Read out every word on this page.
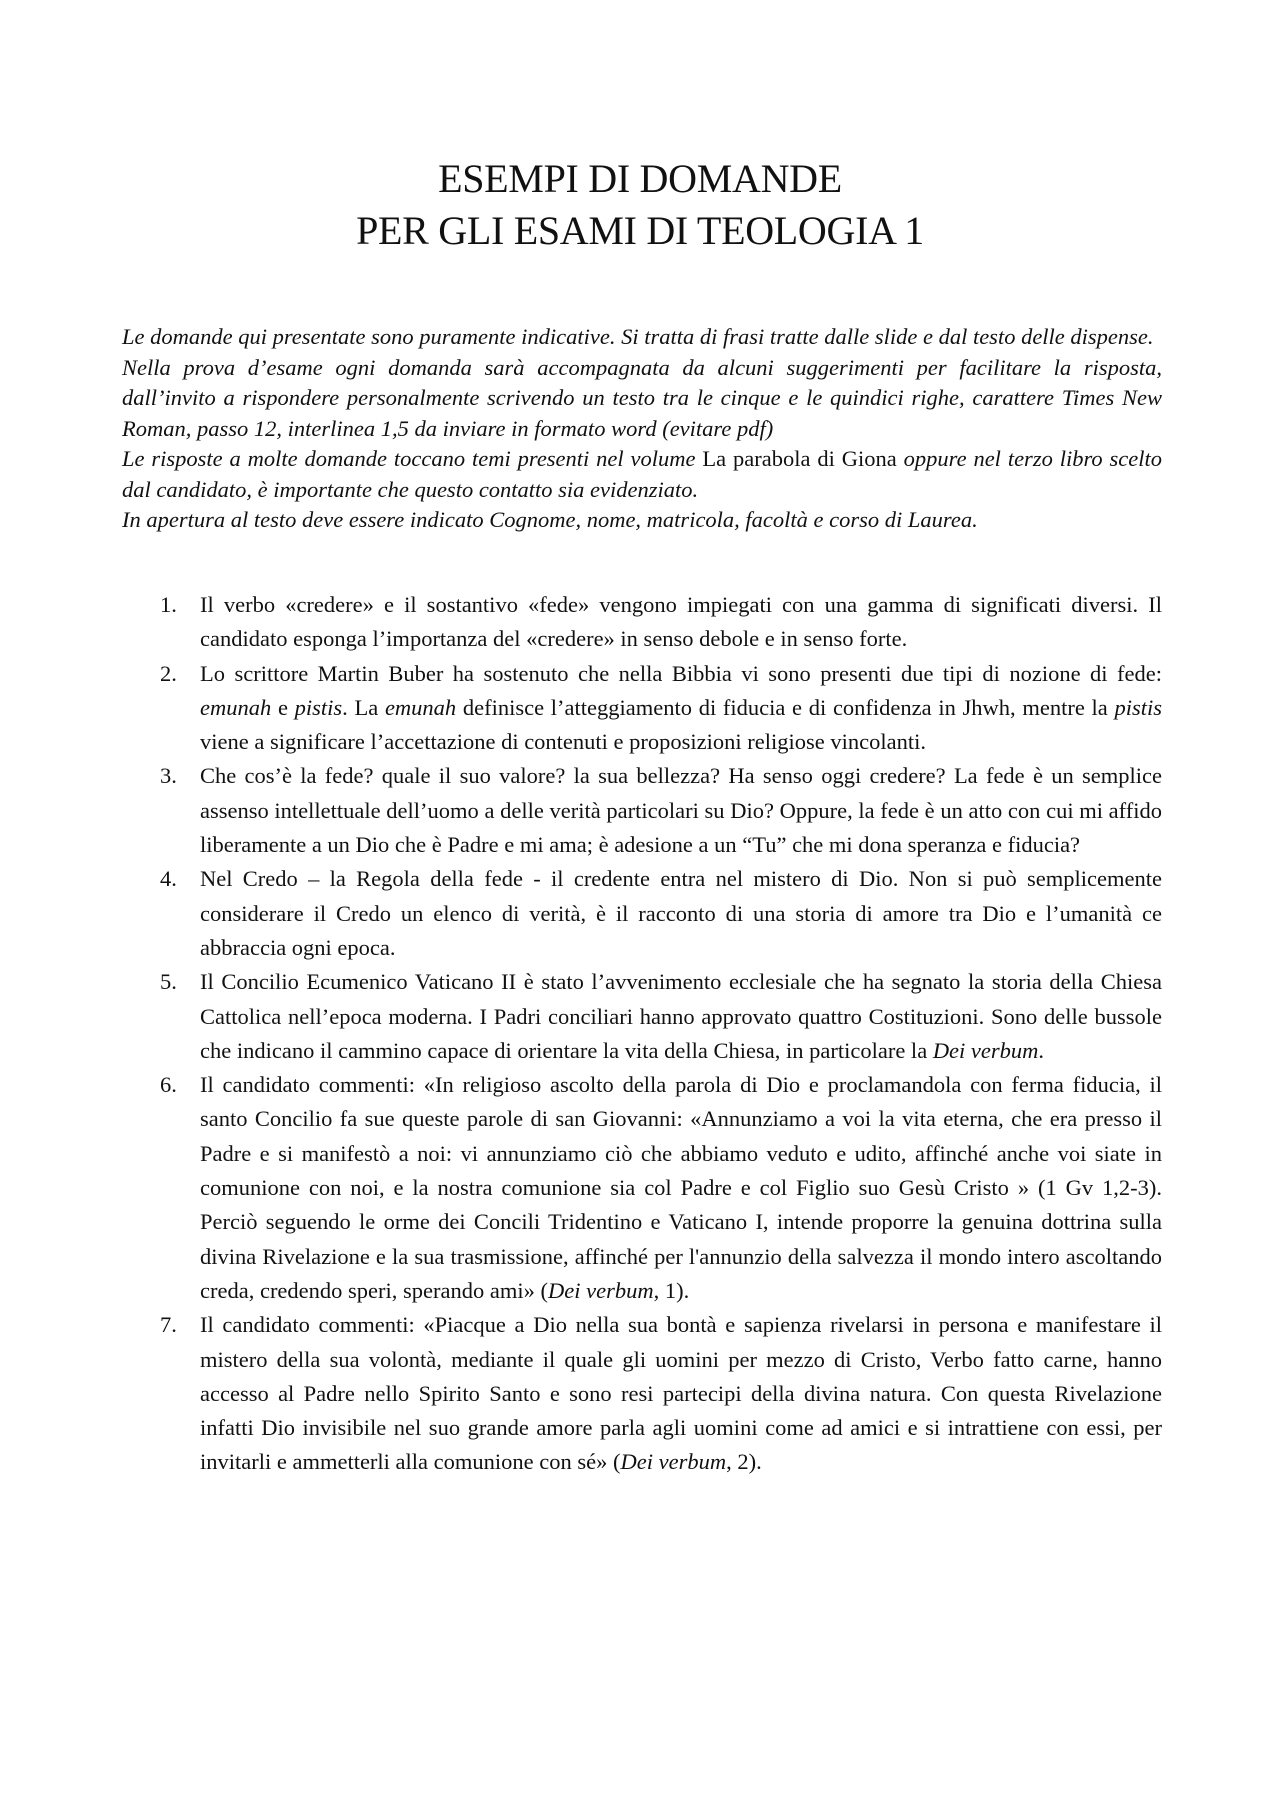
ESEMPI DI DOMANDE
PER GLI ESAMI DI TEOLOGIA 1

Le domande qui presentate sono puramente indicative. Si tratta di frasi tratte dalle slide e dal testo delle dispense.

Nella prova d’esame ogni domanda sarà accompagnata da alcuni suggerimenti per facilitare la risposta, dall’invito a rispondere personalmente scrivendo un testo tra le cinque e le quindici righe, carattere Times New Roman, passo 12, interlinea 1,5 da inviare in formato word (evitare pdf)

Le risposte a molte domande toccano temi presenti nel volume La parabola di Giona oppure nel terzo libro scelto dal candidato, è importante che questo contatto sia evidenziato.

In apertura al testo deve essere indicato Cognome, nome, matricola, facoltà e corso di Laurea.

1. Il verbo «credere» e il sostantivo «fede» vengono impiegati con una gamma di significati diversi. Il candidato esponga l’importanza del «credere» in senso debole e in senso forte.
2. Lo scrittore Martin Buber ha sostenuto che nella Bibbia vi sono presenti due tipi di nozione di fede: emunah e pistis. La emunah definisce l’atteggiamento di fiducia e di confidenza in Jhwh, mentre la pistis viene a significare l’accettazione di contenuti e proposizioni religiose vincolanti.
3. Che cos’è la fede? quale il suo valore? la sua bellezza? Ha senso oggi credere? La fede è un semplice assenso intellettuale dell’uomo a delle verità particolari su Dio? Oppure, la fede è un atto con cui mi affido liberamente a un Dio che è Padre e mi ama; è adesione a un “Tu” che mi dona speranza e fiducia?
4. Nel Credo – la Regola della fede - il credente entra nel mistero di Dio. Non si può semplicemente considerare il Credo un elenco di verità, è il racconto di una storia di amore tra Dio e l’umanità ce abbraccia ogni epoca.
5. Il Concilio Ecumenico Vaticano II è stato l’avvenimento ecclesiale che ha segnato la storia della Chiesa Cattolica nell’epoca moderna. I Padri conciliari hanno approvato quattro Costituzioni. Sono delle bussole che indicano il cammino capace di orientare la vita della Chiesa, in particolare la Dei verbum.
6. Il candidato commenti: «In religioso ascolto della parola di Dio e proclamandola con ferma fiducia, il santo Concilio fa sue queste parole di san Giovanni: «Annunziamo a voi la vita eterna, che era presso il Padre e si manifestò a noi: vi annunziamo ciò che abbiamo veduto e udito, affinché anche voi siate in comunione con noi, e la nostra comunione sia col Padre e col Figlio suo Gesù Cristo » (1 Gv 1,2-3). Perciò seguendo le orme dei Concili Tridentino e Vaticano I, intende proporre la genuina dottrina sulla divina Rivelazione e la sua trasmissione, affinché per l'annunzio della salvezza il mondo intero ascoltando creda, credendo speri, sperando ami» (Dei verbum, 1).
7. Il candidato commenti: «Piacque a Dio nella sua bontà e sapienza rivelarsi in persona e manifestare il mistero della sua volontà, mediante il quale gli uomini per mezzo di Cristo, Verbo fatto carne, hanno accesso al Padre nello Spirito Santo e sono resi partecipi della divina natura. Con questa Rivelazione infatti Dio invisibile nel suo grande amore parla agli uomini come ad amici e si intrattiene con essi, per invitarli e ammetterli alla comunione con sé» (Dei verbum, 2).
